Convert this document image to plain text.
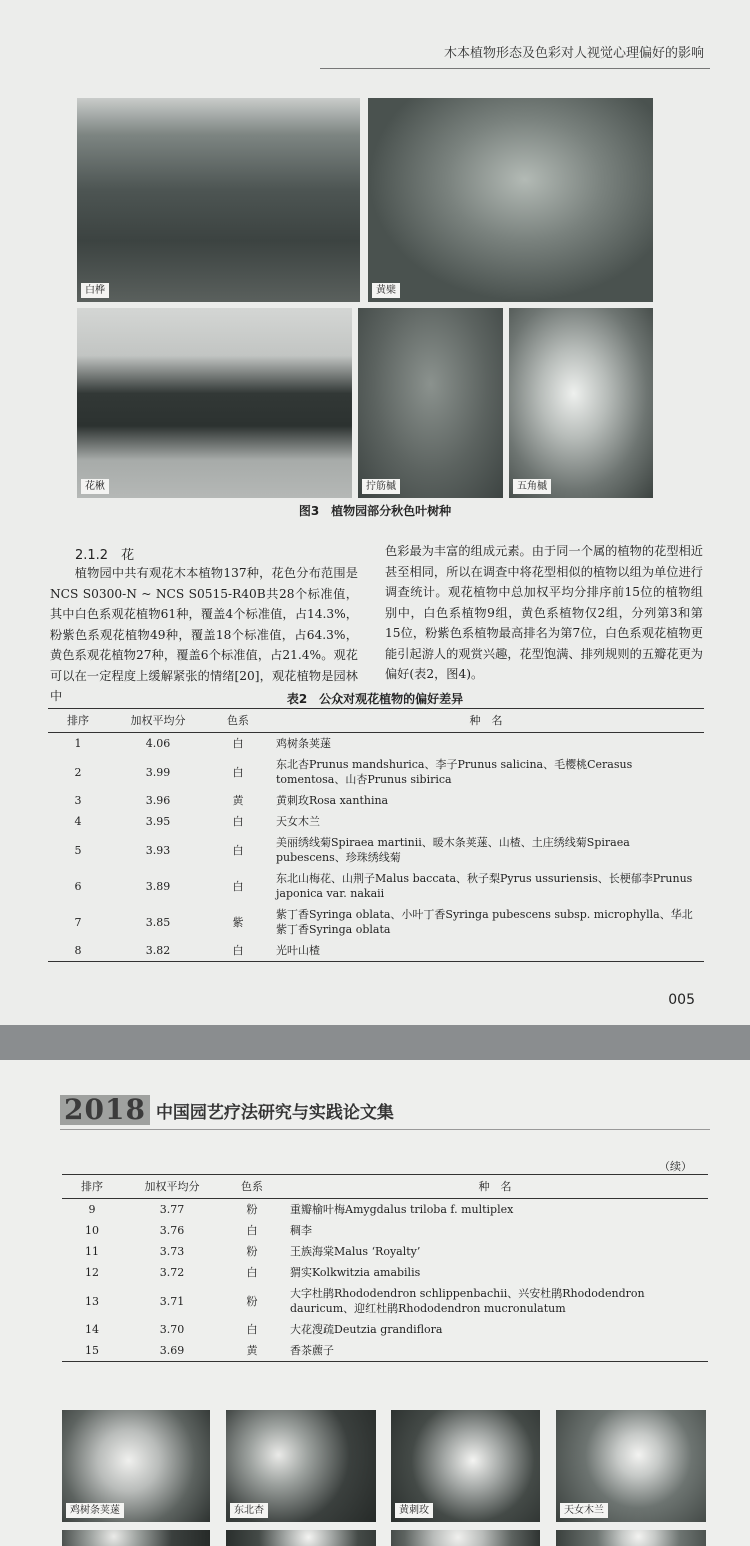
木本植物形态及色彩对人视觉心理偏好的影响
白桦	黄檗
花楸	拧筋槭	五角槭
图3　植物园部分秋色叶树种
2.1.2　花
　　植物园中共有观花木本植物137种，花色分布范围是NCS S0300-N ~ NCS S0515-R40B共28个标准值，其中白色系观花植物61种，覆盖4个标准值，占14.3%，粉紫色系观花植物49种，覆盖18个标准值，占64.3%，黄色系观花植物27种，覆盖6个标准值，占21.4%。观花可以在一定程度上缓解紧张的情绪[20]，观花植物是园林中
色彩最为丰富的组成元素。由于同一个属的植物的花型相近甚至相同，所以在调查中将花型相似的植物以组为单位进行调查统计。观花植物中总加权平均分排序前15位的植物组别中，白色系植物9组，黄色系植物仅2组，分列第3和第15位，粉紫色系植物最高排名为第7位，白色系观花植物更能引起游人的观赏兴趣，花型饱满、排列规则的五瓣花更为偏好(表2，图4)。
表2　公众对观花植物的偏好差异
排序	加权平均分	色系	种　名
1	4.06	白	鸡树条荚蒾
2	3.99	白	东北杏Prunus mandshurica、李子Prunus salicina、毛樱桃Cerasus tomentosa、山杏Prunus sibirica
3	3.96	黄	黄刺玫Rosa xanthina
4	3.95	白	天女木兰
5	3.93	白	美丽绣线菊Spiraea martinii、暖木条荚蒾、山楂、土庄绣线菊Spiraea pubescens、珍珠绣线菊
6	3.89	白	东北山梅花、山荆子Malus baccata、秋子梨Pyrus ussuriensis、长梗郁李Prunus japonica var. nakaii
7	3.85	紫	紫丁香Syringa oblata、小叶丁香Syringa pubescens subsp. microphylla、华北紫丁香Syringa oblata
8	3.82	白	光叶山楂
005
2018 中国园艺疗法研究与实践论文集
（续）
排序	加权平均分	色系	种　名
9	3.77	粉	重瓣榆叶梅Amygdalus triloba f. multiplex
10	3.76	白	稠李
11	3.73	粉	王族海棠Malus ‘Royalty’
12	3.72	白	猬实Kolkwitzia amabilis
13	3.71	粉	大字杜鹃Rhododendron schlippenbachii、兴安杜鹃Rhododendron dauricum、迎红杜鹃Rhododendron mucronulatum
14	3.70	白	大花溲疏Deutzia grandiflora
15	3.69	黄	香茶藨子
鸡树条荚蒾	东北杏	黄刺玫	天女木兰
